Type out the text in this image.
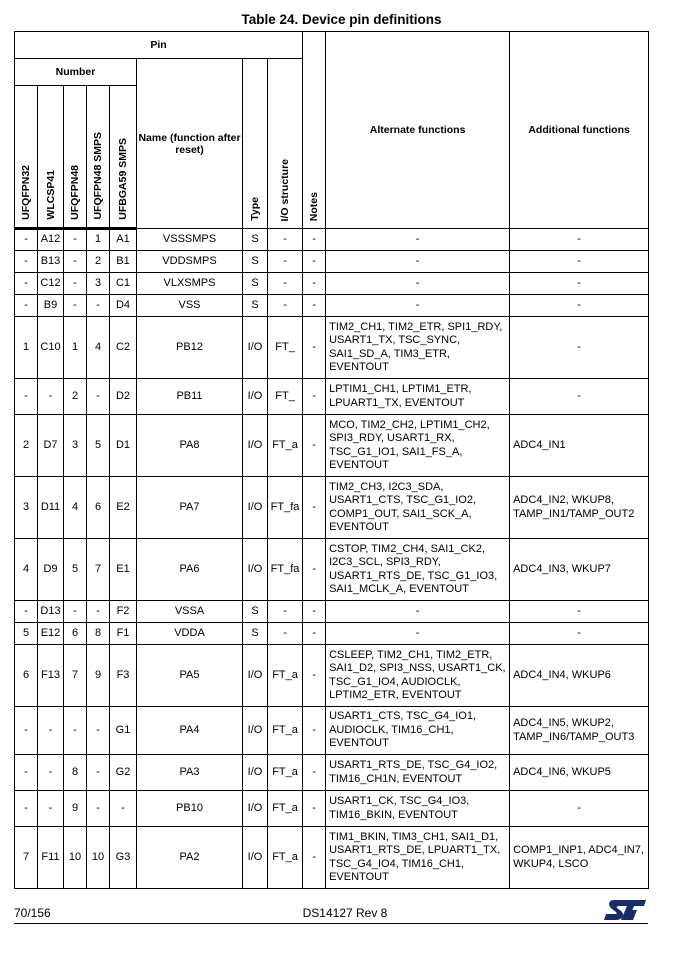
Table 24. Device pin definitions
Pin								Notes	Alternate functions	Additional functions
Number					Name (function after reset)	Type	I/O structure			
UFQFPN32	WLCSP41	UFQFPN48	UFQFPN48 SMPS	UFBGA59 SMPS						
-	A12	-	1	A1	VSSSMPS	S	-	-	-	-
-	B13	-	2	B1	VDDSMPS	S	-	-	-	-
-	C12	-	3	C1	VLXSMPS	S	-	-	-	-
-	B9	-	-	D4	VSS	S	-	-	-	-
1	C10	1	4	C2	PB12	I/O	FT_	-	TIM2_CH1, TIM2_ETR, SPI1_RDY, USART1_TX, TSC_SYNC, SAI1_SD_A, TIM3_ETR, EVENTOUT	-
-	-	2	-	D2	PB11	I/O	FT_	-	LPTIM1_CH1, LPTIM1_ETR, LPUART1_TX, EVENTOUT	-
2	D7	3	5	D1	PA8	I/O	FT_a	-	MCO, TIM2_CH2, LPTIM1_CH2, SPI3_RDY, USART1_RX, TSC_G1_IO1, SAI1_FS_A, EVENTOUT	ADC4_IN1
3	D11	4	6	E2	PA7	I/O	FT_fa	-	TIM2_CH3, I2C3_SDA, USART1_CTS, TSC_G1_IO2, COMP1_OUT, SAI1_SCK_A, EVENTOUT	ADC4_IN2, WKUP8, TAMP_IN1/TAMP_OUT2
4	D9	5	7	E1	PA6	I/O	FT_fa	-	CSTOP, TIM2_CH4, SAI1_CK2, I2C3_SCL, SPI3_RDY, USART1_RTS_DE, TSC_G1_IO3, SAI1_MCLK_A, EVENTOUT	ADC4_IN3, WKUP7
-	D13	-	-	F2	VSSA	S	-	-	-	-
5	E12	6	8	F1	VDDA	S	-	-	-	-
6	F13	7	9	F3	PA5	I/O	FT_a	-	CSLEEP, TIM2_CH1, TIM2_ETR, SAI1_D2, SPI3_NSS, USART1_CK, TSC_G1_IO4, AUDIOCLK, LPTIM2_ETR, EVENTOUT	ADC4_IN4, WKUP6
-	-	-	-	G1	PA4	I/O	FT_a	-	USART1_CTS, TSC_G4_IO1, AUDIOCLK, TIM16_CH1, EVENTOUT	ADC4_IN5, WKUP2, TAMP_IN6/TAMP_OUT3
-	-	8	-	G2	PA3	I/O	FT_a	-	USART1_RTS_DE, TSC_G4_IO2, TIM16_CH1N, EVENTOUT	ADC4_IN6, WKUP5
-	-	9	-	-	PB10	I/O	FT_a	-	USART1_CK, TSC_G4_IO3, TIM16_BKIN, EVENTOUT	-
7	F11	10	10	G3	PA2	I/O	FT_a	-	TIM1_BKIN, TIM3_CH1, SAI1_D1, USART1_RTS_DE, LPUART1_TX, TSC_G4_IO4, TIM16_CH1, EVENTOUT	COMP1_INP1, ADC4_IN7, WKUP4, LSCO
70/156	DS14127 Rev 8
